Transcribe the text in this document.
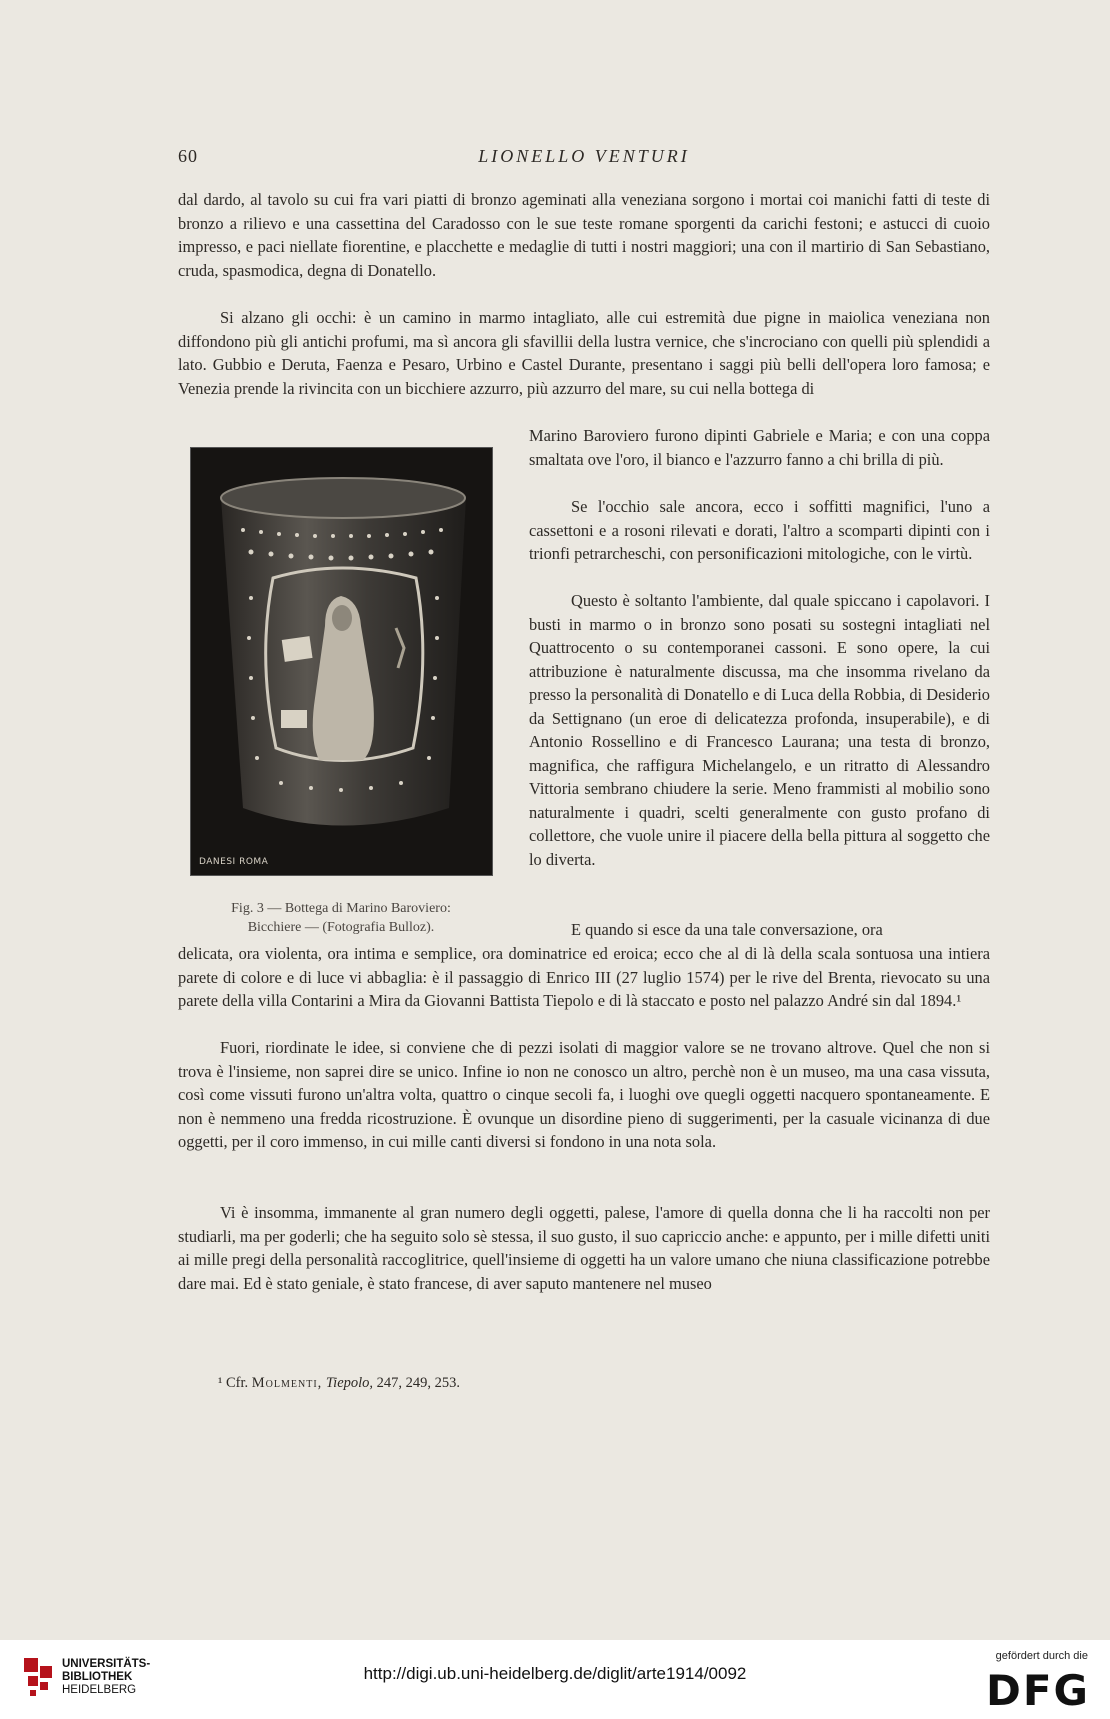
60	LIONELLO VENTURI

dal dardo, al tavolo su cui fra vari piatti di bronzo ageminati alla veneziana sorgono i mortai coi manichi fatti di teste di bronzo a rilievo e una cassettina del Caradosso con le sue teste romane sporgenti da carichi festoni; e astucci di cuoio impresso, e paci niellate fiorentine, e placchette e medaglie di tutti i nostri maggiori; una con il martirio di San Sebastiano, cruda, spasmodica, degna di Donatello.

Si alzano gli occhi: è un camino in marmo intagliato, alle cui estremità due pigne in maiolica veneziana non diffondono più gli antichi profumi, ma sì ancora gli sfavillii della lustra vernice, che s'incrociano con quelli più splendidi a lato. Gubbio e Deruta, Faenza e Pesaro, Urbino e Castel Durante, presentano i saggi più belli dell'opera loro famosa; e Venezia prende la rivincita con un bicchiere azzurro, più azzurro del mare, su cui nella bottega di

DANESI ROMA
Fig. 3 — Bottega di Marino Baroviero:
Bicchiere — (Fotografia Bulloz).

Marino Baroviero furono dipinti Gabriele e Maria; e con una coppa smaltata ove l'oro, il bianco e l'azzurro fanno a chi brilla di più.

Se l'occhio sale ancora, ecco i soffitti magnifici, l'uno a cassettoni e a rosoni rilevati e dorati, l'altro a scomparti dipinti con i trionfi petrarcheschi, con personificazioni mitologiche, con le virtù.

Questo è soltanto l'ambiente, dal quale spiccano i capolavori. I busti in marmo o in bronzo sono posati su sostegni intagliati nel Quattrocento o su contemporanei cassoni. E sono opere, la cui attribuzione è naturalmente discussa, ma che insomma rivelano da presso la personalità di Donatello e di Luca della Robbia, di Desiderio da Settignano (un eroe di delicatezza profonda, insuperabile), e di Antonio Rossellino e di Francesco Laurana; una testa di bronzo, magnifica, che raffigura Michelangelo, e un ritratto di Alessandro Vittoria sembrano chiudere la serie. Meno frammisti al mobilio sono naturalmente i quadri, scelti generalmente con gusto profano di collettore, che vuole unire il piacere della bella pittura al soggetto che lo diverta.

E quando si esce da una tale conversazione, ora

delicata, ora violenta, ora intima e semplice, ora dominatrice ed eroica; ecco che al di là della scala sontuosa una intiera parete di colore e di luce vi abbaglia: è il passaggio di Enrico III (27 luglio 1574) per le rive del Brenta, rievocato su una parete della villa Contarini a Mira da Giovanni Battista Tiepolo e di là staccato e posto nel palazzo André sin dal 1894.¹

Fuori, riordinate le idee, si conviene che di pezzi isolati di maggior valore se ne trovano altrove. Quel che non si trova è l'insieme, non saprei dire se unico. Infine io non ne conosco un altro, perchè non è un museo, ma una casa vissuta, così come vissuti furono un'altra volta, quattro o cinque secoli fa, i luoghi ove quegli oggetti nacquero spontaneamente. E non è nemmeno una fredda ricostruzione. È ovunque un disordine pieno di suggerimenti, per la casuale vicinanza di due oggetti, per il coro immenso, in cui mille canti diversi si fondono in una nota sola.

Vi è insomma, immanente al gran numero degli oggetti, palese, l'amore di quella donna che li ha raccolti non per studiarli, ma per goderli; che ha seguito solo sè stessa, il suo gusto, il suo capriccio anche: e appunto, per i mille difetti uniti ai mille pregi della personalità raccoglitrice, quell'insieme di oggetti ha un valore umano che niuna classificazione potrebbe dare mai. Ed è stato geniale, è stato francese, di aver saputo mantenere nel museo

¹ Cfr. Molmenti, Tiepolo, 247, 249, 253.
UNIVERSITÄTS-
BIBLIOTHEK
HEIDELBERG
http://digi.ub.uni-heidelberg.de/diglit/arte1914/0092
gefördert durch die
DFG
